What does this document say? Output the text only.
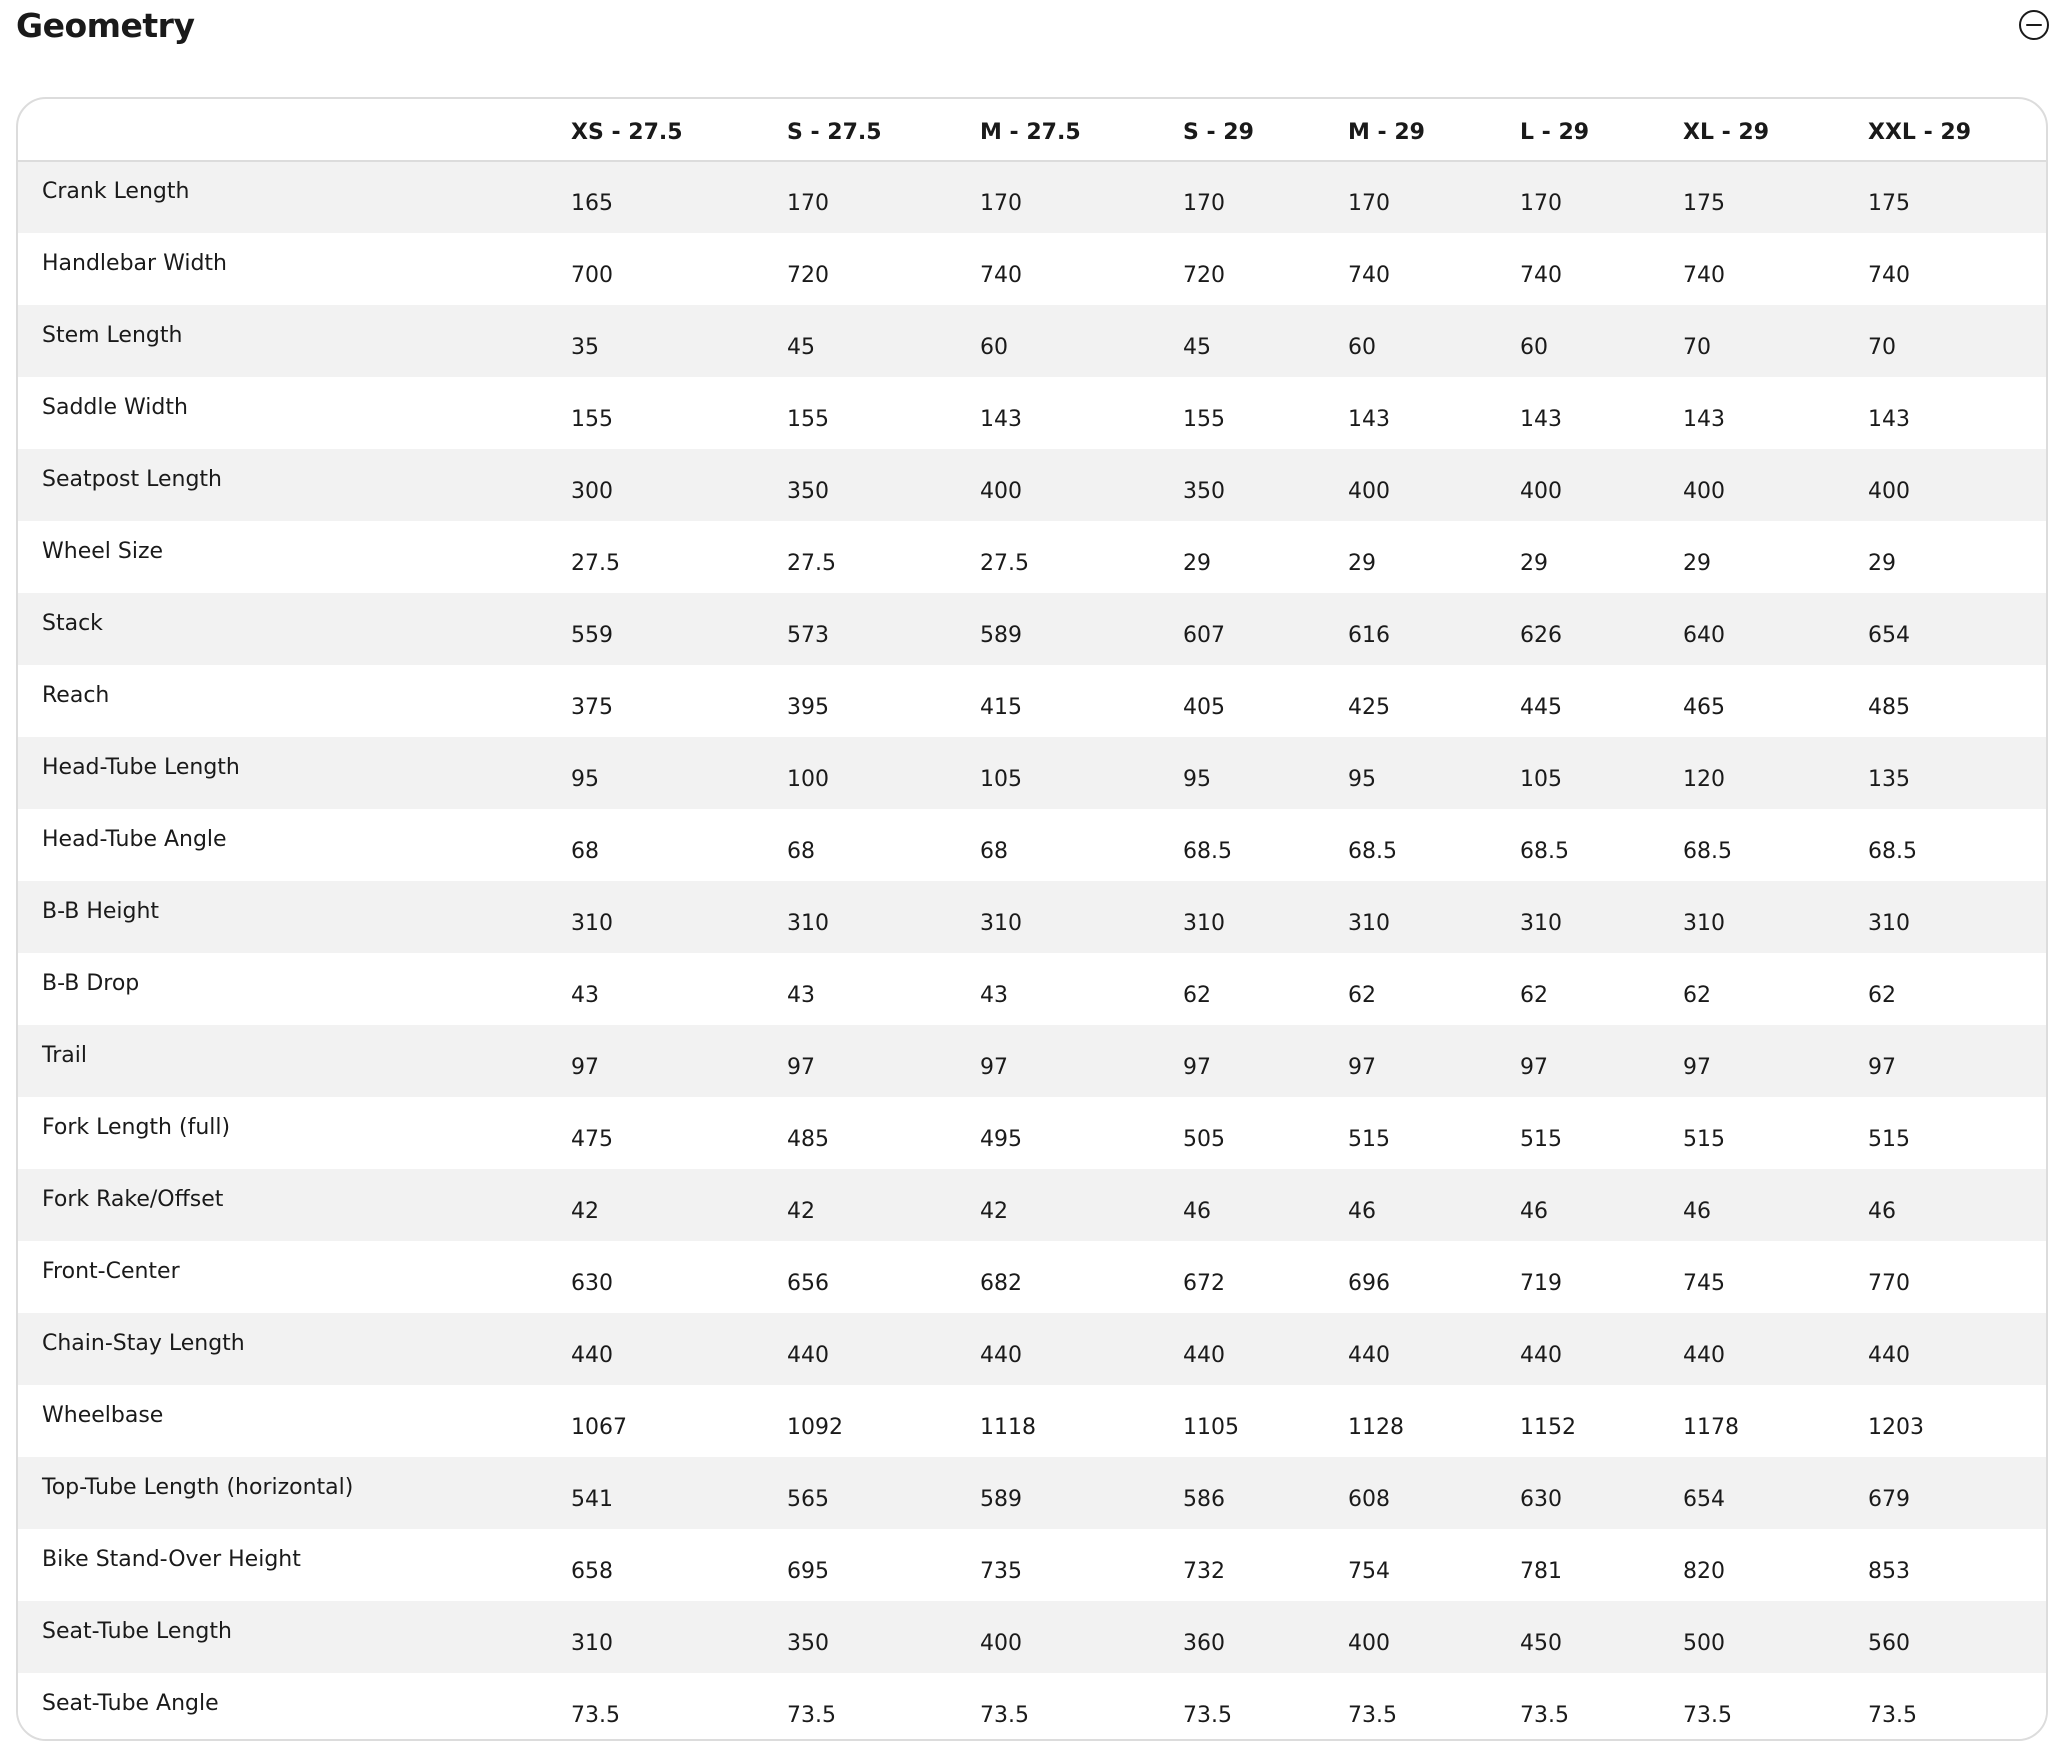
Geometry
	XS - 27.5	S - 27.5	M - 27.5	S - 29	M - 29	L - 29	XL - 29	XXL - 29
Crank Length	165	170	170	170	170	170	175	175
Handlebar Width	700	720	740	720	740	740	740	740
Stem Length	35	45	60	45	60	60	70	70
Saddle Width	155	155	143	155	143	143	143	143
Seatpost Length	300	350	400	350	400	400	400	400
Wheel Size	27.5	27.5	27.5	29	29	29	29	29
Stack	559	573	589	607	616	626	640	654
Reach	375	395	415	405	425	445	465	485
Head-Tube Length	95	100	105	95	95	105	120	135
Head-Tube Angle	68	68	68	68.5	68.5	68.5	68.5	68.5
B-B Height	310	310	310	310	310	310	310	310
B-B Drop	43	43	43	62	62	62	62	62
Trail	97	97	97	97	97	97	97	97
Fork Length (full)	475	485	495	505	515	515	515	515
Fork Rake/Offset	42	42	42	46	46	46	46	46
Front-Center	630	656	682	672	696	719	745	770
Chain-Stay Length	440	440	440	440	440	440	440	440
Wheelbase	1067	1092	1118	1105	1128	1152	1178	1203
Top-Tube Length (horizontal)	541	565	589	586	608	630	654	679
Bike Stand-Over Height	658	695	735	732	754	781	820	853
Seat-Tube Length	310	350	400	360	400	450	500	560
Seat-Tube Angle	73.5	73.5	73.5	73.5	73.5	73.5	73.5	73.5
